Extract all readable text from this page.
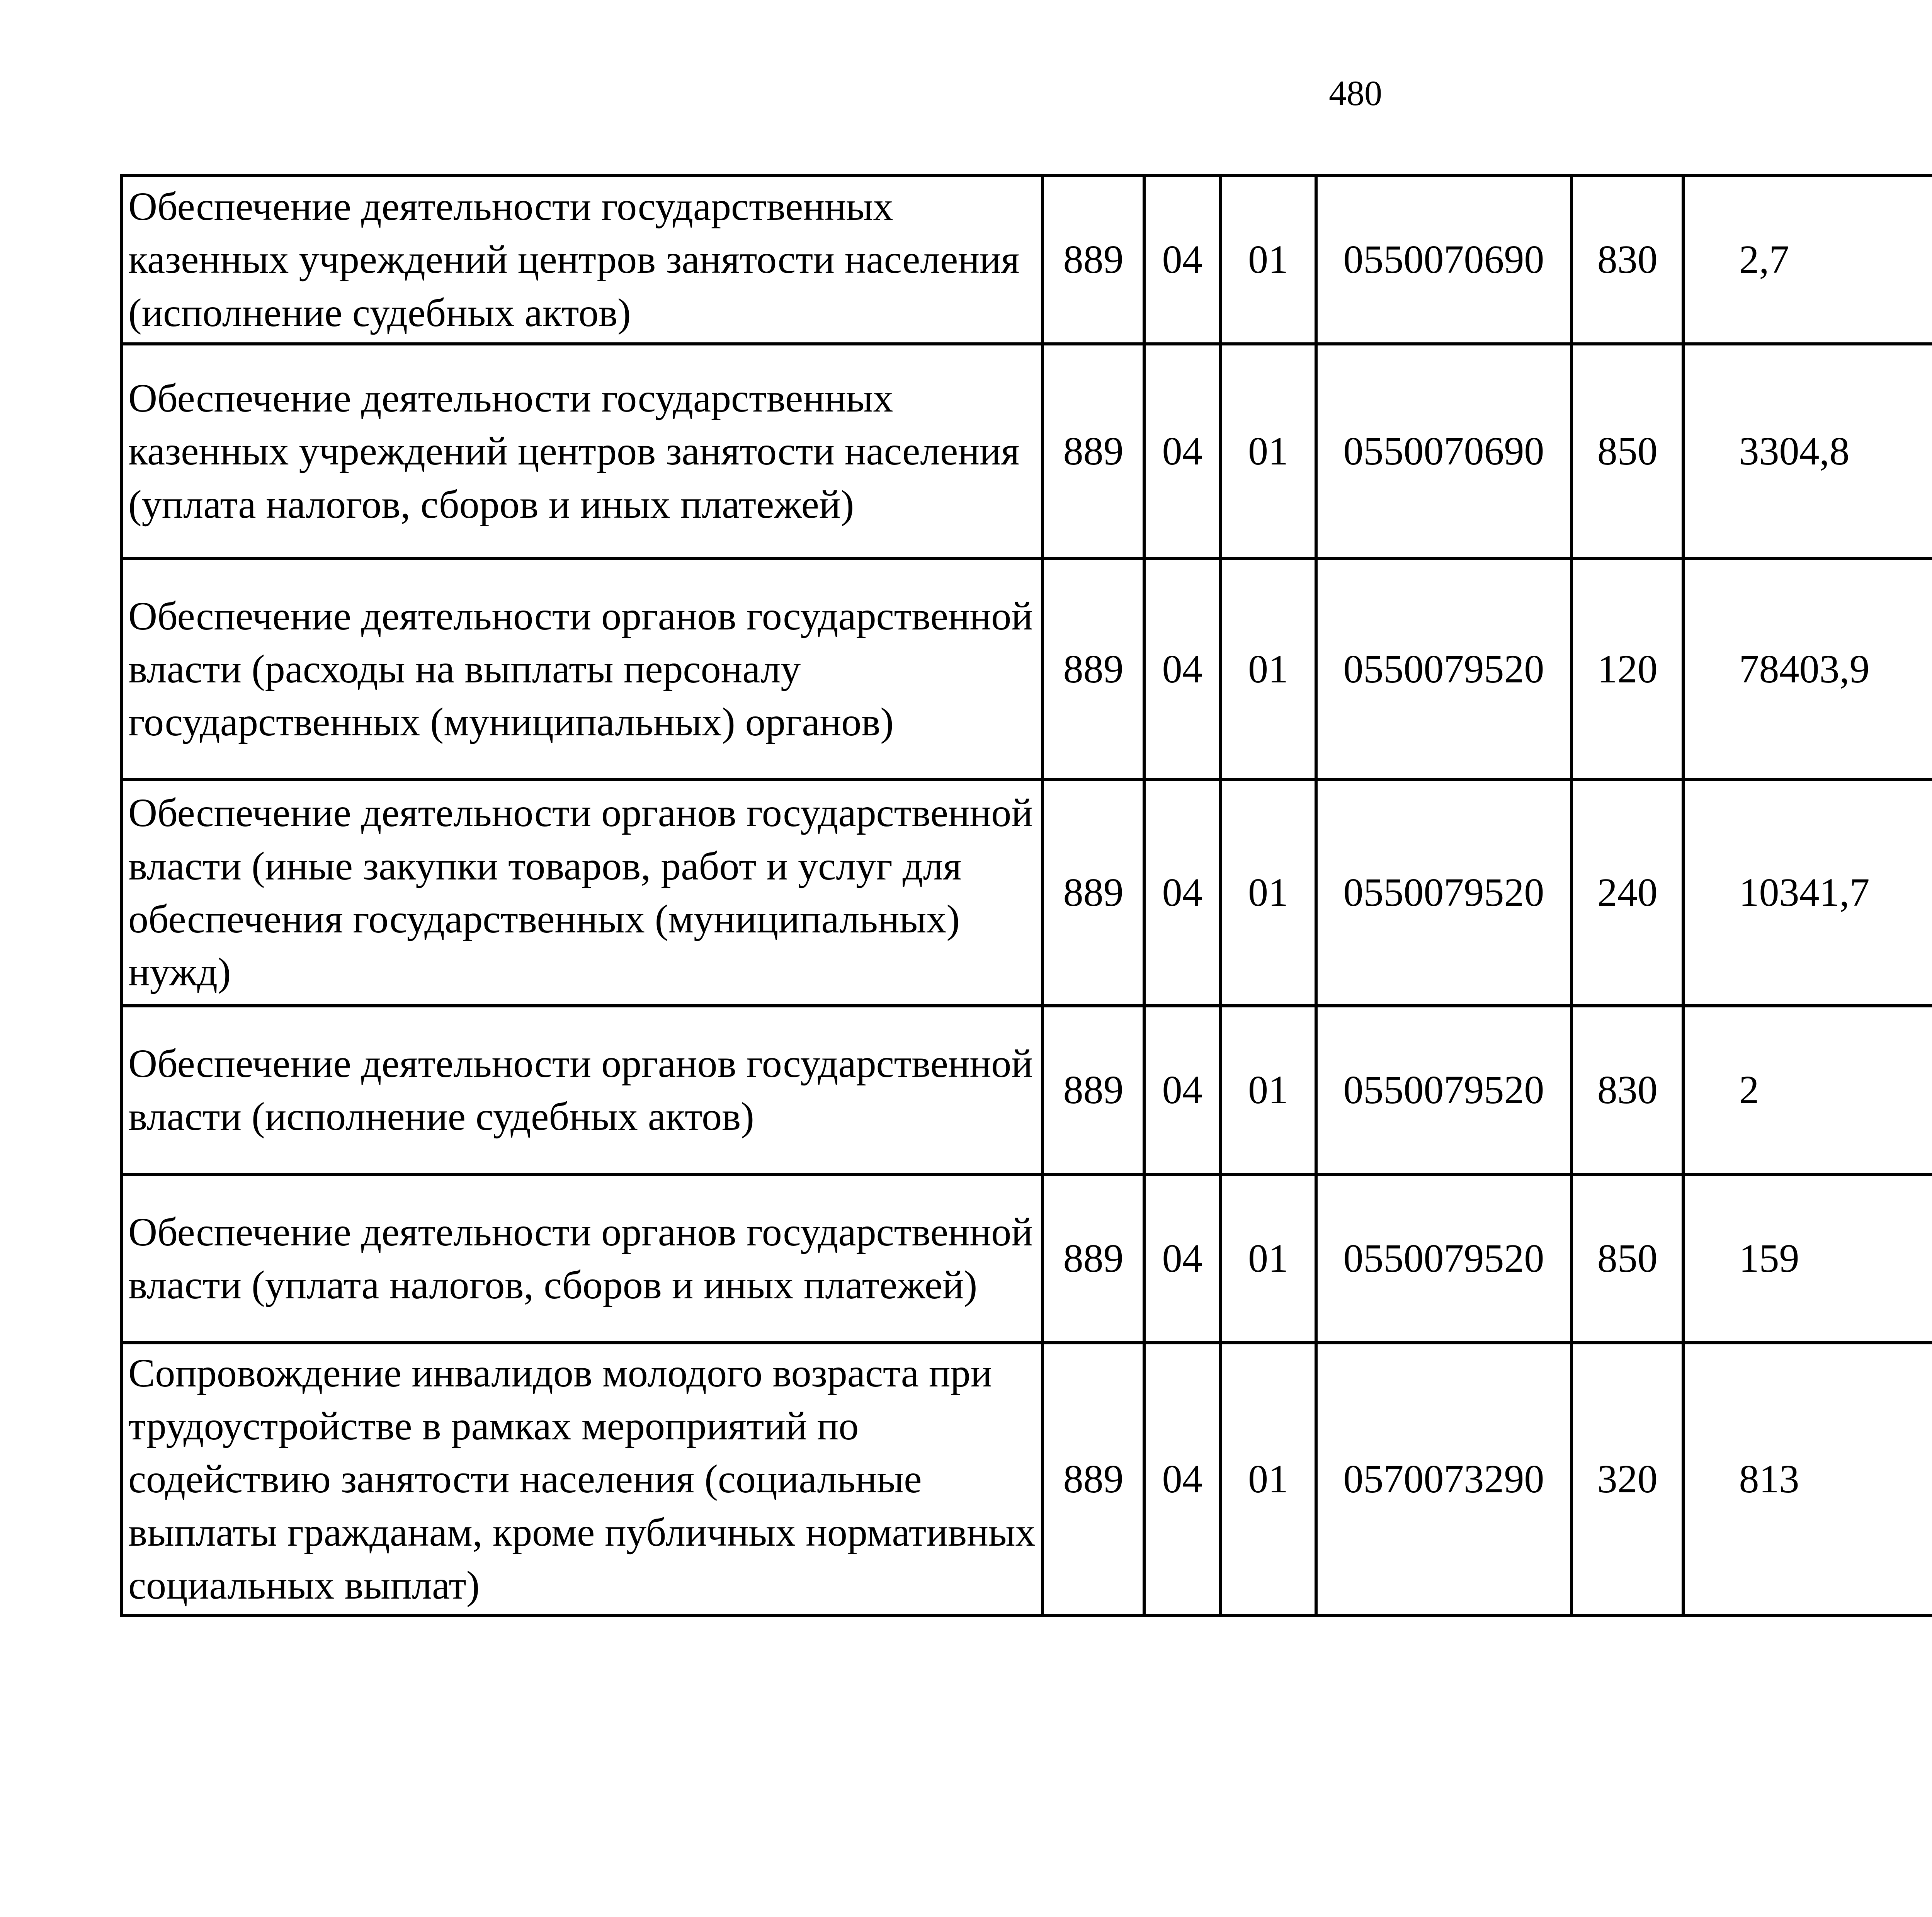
480
Обеспечение деятельности государственных казенных учреждений центров занятости населения (исполнение судебных актов)	889	04	01	0550070690	830	2,7		
Обеспечение деятельности государственных казенных учреждений центров занятости населения (уплата налогов, сборов и иных платежей)	889	04	01	0550070690	850	3304,8		
Обеспечение деятельности органов государственной власти (расходы на выплаты персоналу государственных (муниципальных) органов)	889	04	01	0550079520	120	78403,9		
Обеспечение деятельности органов государственной власти (иные закупки товаров, работ и услуг для обеспечения государственных (муниципальных) нужд)	889	04	01	0550079520	240	10341,7		
Обеспечение деятельности органов государственной власти (исполнение судебных актов)	889	04	01	0550079520	830	2		
Обеспечение деятельности органов государственной власти (уплата налогов, сборов и иных платежей)	889	04	01	0550079520	850	159		
Сопровождение инвалидов молодого возраста при трудоустройстве в рамках мероприятий по содействию занятости населения (социальные выплаты гражданам, кроме публичных нормативных социальных выплат)	889	04	01	0570073290	320	813		
